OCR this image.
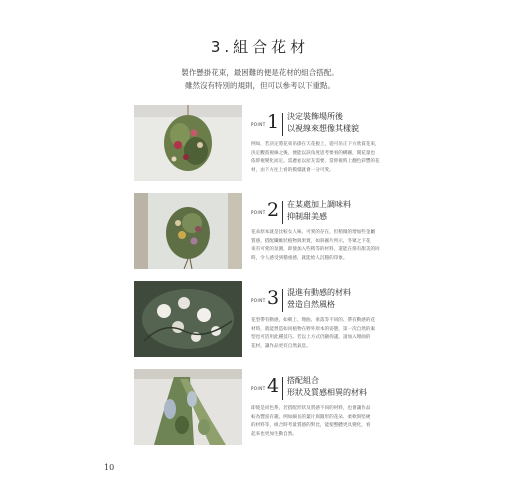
3.組合花材
製作懸掛花束，最困難的便是花材的組合搭配。
雖然沒有特別的規則，但可以參考以下重點。
POINT 1 決定裝飾場所後
以視線來想像其樣貌
例如，若決定將花束吊掛在天花板上，從可吊正下方欣賞花束，
決定觀賞視線之後，便能以該角度思考要看的構圖，開花量也
依仰視變化而定。需慮並以屋友需要，當仰視時上翻色彩豐的花
材，由下方往上看的模樣就會一分可愛。
POINT 2 在某處加上調味料
抑制甜美感
花朵原本就是比較女人味，可愛的存在，但稍微的增加些金屬
質感，搭配纖維狀植物與果實，如斜圖片所示，冬眾之下花
束有可愛的氛圍，即使加入些稍等的材料，還能在保有甜美的同
時，令人感受到穩重感，就能給人沉穩的印象。
POINT 3 混進有動感的材料
營造自然風格
花型帶有動感，如朝上、彎曲、垂落等不同的、帶有動感的花
材時，就能營造如同植物在野外原本的姿態，第一次自然的素
型也可活用此種技巧。若以上方式仍顯拘謹，請加入彎曲的
花材，讓作品更有自然氣息。
POINT 4 搭配組合
形狀及質感相異的材料
即使是同色系，若搭配形狀及質感不同的材料，也會讓作品
較為豐富有趣。例如細長的葉片與圓形的花朵、柔軟與堅硬
的材料等，組合時考量質感的對比，能使整體更具變化，看
起來也更加生動自然。
10
